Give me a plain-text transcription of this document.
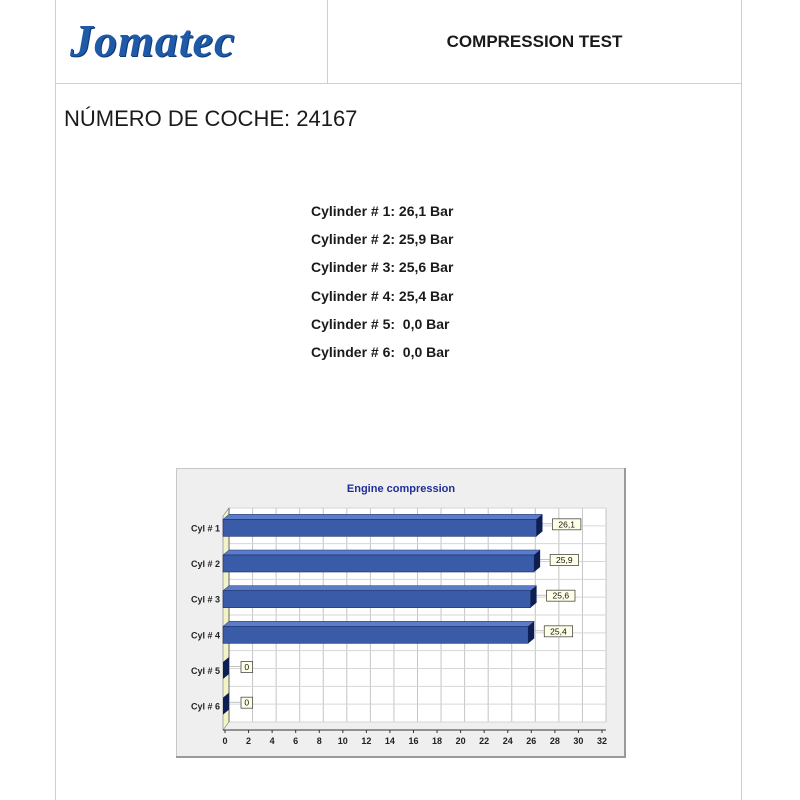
Jomatec	COMPRESSION TEST
NÚMERO DE COCHE: 24167
Cylinder # 1: 26,1 Bar
Cylinder # 2: 25,9 Bar
Cylinder # 3: 25,6 Bar
Cylinder # 4: 25,4 Bar
Cylinder # 5:  0,0 Bar
Cylinder # 6:  0,0 Bar
Engine compression
0 2 4 6 8 10 12 14 16 18 20 22 24 26 28 30 32
Cyl # 1	26,1
Cyl # 2	25,9
Cyl # 3	25,6
Cyl # 4	25,4
Cyl # 5	0
Cyl # 6	0
